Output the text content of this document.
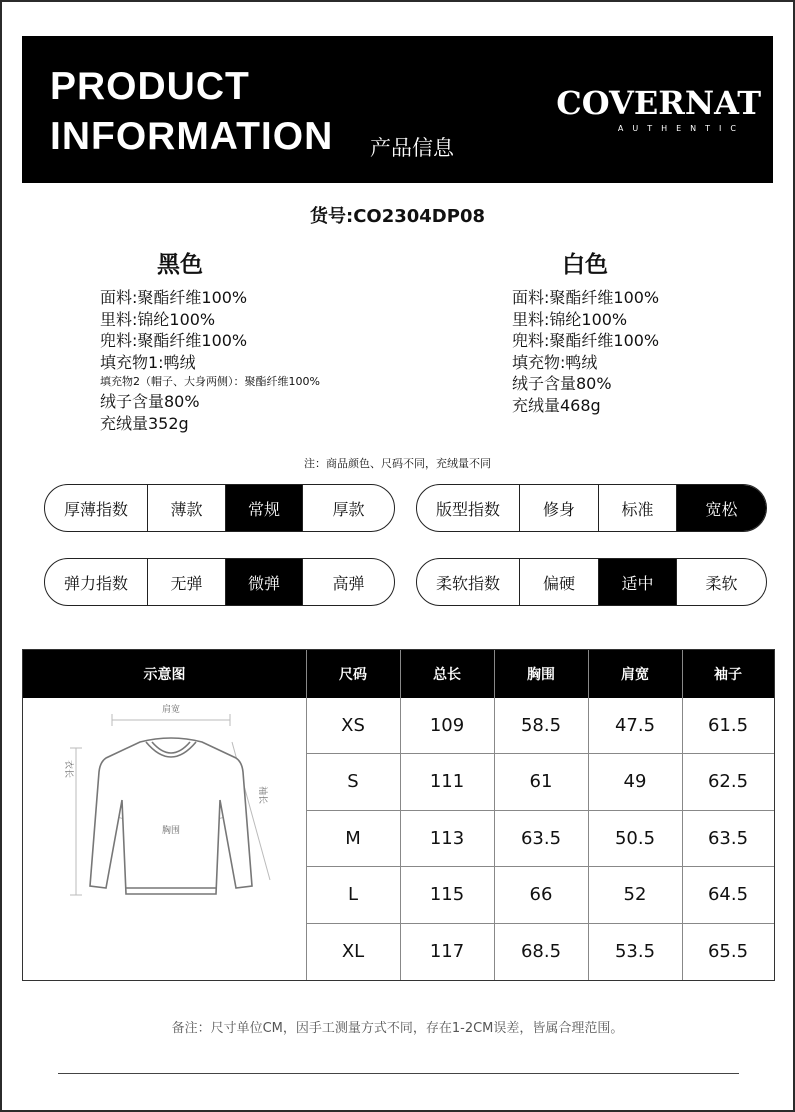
PRODUCT
INFORMATION 产品信息
COVERNAT
AUTHENTIC
货号:CO2304DP08
黑色
面料:聚酯纤维100%
里料:锦纶100%
兜料:聚酯纤维100%
填充物1:鸭绒
填充物2（帽子、大身两侧）：聚酯纤维100%
绒子含量80%
充绒量352g
白色
面料:聚酯纤维100%
里料:锦纶100%
兜料:聚酯纤维100%
填充物:鸭绒
绒子含量80%
充绒量468g
注：商品颜色、尺码不同，充绒量不同
厚薄指数	薄款	常规	厚款	版型指数	修身	标准	宽松
弹力指数	无弹	微弹	高弹	柔软指数	偏硬	适中	柔软
示意图	尺码	总长	胸围	肩宽	袖子
XS	109	58.5	47.5	61.5
S	111	61	49	62.5
M	113	63.5	50.5	63.5
L	115	66	52	64.5
XL	117	68.5	53.5	65.5
肩宽
胸围
衣长
袖长
备注：尺寸单位CM，因手工测量方式不同，存在1-2CM误差，皆属合理范围。
